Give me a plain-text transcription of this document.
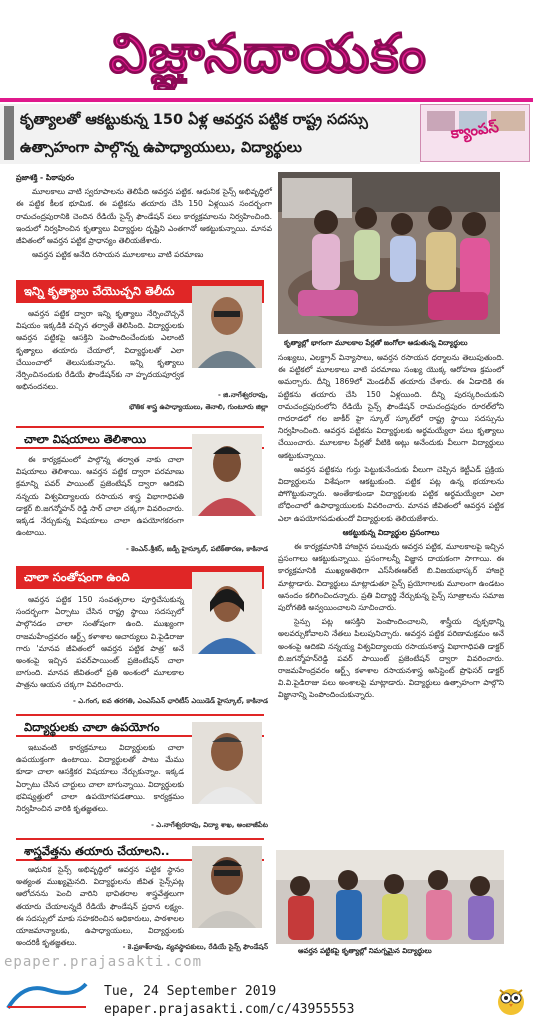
విజ్ఞానదాయకం
కృత్యాలతో ఆకట్టుకున్న 150 ఏళ్ల ఆవర్తన పట్టిక రాష్ట్ర సదస్సు
ఉత్సాహంగా పాల్గొన్న ఉపాధ్యాయులు, విద్యార్థులు
క్యాంపస్

ప్రజాశక్తి - పిఠాపురం

మూలకాలు వాటి స్వరూపాలను తెలిపేది ఆవర్తన పట్టిక. ఆధునిక సైన్స్ అభివృద్ధిలో ఈ పట్టిక కీలక భూమిక. ఈ పట్టికను తయారు చేసి 150 ఏళ్లయిన సందర్భంగా రామచంద్రపురానికి చెందిన రేడియే సైన్స్ ఫౌండేషన్ పలు కార్యక్రమాలను నిర్వహించింది. ఇందులో నిర్వహించిన కృత్యాలు విద్యార్థుల దృష్టిని ఎంతగానో ఆకట్టుకున్నాయి. మానవ జీవితంలో ఆవర్తన పట్టిక ప్రాధాన్యం తెలియజేశారు.

ఆవర్తన పట్టిక అనేది రసాయన మూలకాలు వాటి పరమాణు

కృత్యాల్లో భాగంగా మూలకాల పేర్లతో జంగోలా ఆడుతున్న విద్యార్థులు

సంఖ్యలు, ఎలక్ట్రాన్ విన్యాసాలు, ఆవర్తన రసాయన ధర్మాలను తెలుపుతుంది. ఈ పట్టికలో మూలకాలు వాటి పరమాణు సంఖ్య యొక్క ఆరోహణ క్రమంలో అమర్చారు. దీన్ని 1869లో మెండలీవ్ తయారు చేశారు. ఈ ఏడాదికి ఈ పట్టికను తయారు చేసి 150 ఏళ్లయింది. దీన్ని పురస్కరించుకుని రామచంద్రపురంలోని రేడియే సైన్స్ ఫౌండేషన్ రామచంద్రపురం రూరల్‌లోని గాదరాడలో గల జాకీర్ హై స్కూల్ స్కూల్‌లో రాష్ట్ర స్థాయి సదస్సును నిర్వహించింది. ఆవర్తన పట్టికను విద్యార్థులకు అర్థమయ్యేలా పలు కృత్యాలు చేయించారు. మూలకాల పేర్లతో వీటికి అట్లు అనేందుకు వీలుగా విద్యార్థులు ఆకట్టుకున్నాయి.

ఆవర్తన పట్టికను గుర్తు పెట్టుకునేందుకు వీలుగా చెప్పిన కెట్టీఎడ్ ప్రక్రియ విద్యార్థులను విశేషంగా ఆకట్టుకుంది. పట్టిక పట్ల ఉన్న భయాలను పోగొట్టుకున్నారు. అంతేకాకుండా విద్యార్థులకు పట్టిక అర్థమయ్యేలా ఎలా బోధించాలో ఉపాధ్యాయులకు వివరించారు. మానవ జీవితంలో ఆవర్తన పట్టిక ఎలా ఉపయోగపడుతుందో విద్యార్థులకు తెలియజేశారు.

ఆకట్టుకున్న విద్యార్థుల ప్రసంగాలు

ఈ కార్యక్రమానికి హాజరైన పలువురు ఆవర్తన పట్టిక, మూలకాలపై ఇచ్చిన ప్రసంగాలు ఆకట్టుకున్నాయి. ప్రసంగాలన్నీ విజ్ఞాన దాయకంగా సాగాయి. ఈ కార్యక్రమానికి ముఖ్యఅతిథిగా ఎస్‌సీఈఆర్‌టీ బి.విజయభాస్కర్ హాజరై మాట్లాడారు. విద్యార్థులు మాట్లాడుతూ సైన్స్ ప్రయోగాలకు మూలంగా ఉండటం ఆనందం కలిగించిందన్నారు. ప్రతి విద్యార్థి నేర్చుకున్న సైన్స్ సూత్రాలను సమాజ పురోగతికి అన్వయించాలని సూచించారు.

సైన్సు పట్ల ఆసక్తిని పెంపొందించాలని, శాస్త్రీయ దృక్పథాన్ని అలవర్చుకోవాలని నేతలు పిలుపునిచ్చారు. ఆవర్తన పట్టిక పరిణామక్రమం అనే అంశంపై ఆదికవి నన్నయ్య విశ్వవిద్యాలయ రసాయనశాస్త్ర విభాగాధిపతి డాక్టర్ బి.జగన్మోహన్‌రెడ్డి పవర్ పాయింట్ ప్రజెంటేషన్ ద్వారా వివరించారు. రాజమహేంద్రవరం ఆర్ట్స్ కళాశాల రసాయనశాస్త్ర అసిస్టెంట్ ప్రొఫెసర్ డాక్టర్ వి.వి.పైడిరాజు పలు అంశాలపై మాట్లాడారు. విద్యార్థులు ఉత్సాహంగా పాల్గొని విజ్ఞానాన్ని పెంపొందించుకున్నారు.

ఆవర్తన పట్టికపై కృత్యాల్లో నిమగ్నమైన విద్యార్థులు
ఇన్ని కృత్యాలు చేయొచ్చని తెలీదు

ఆవర్తన పట్టిక ద్వారా ఇన్ని కృత్యాలు నేర్పించొచ్చనే విషయం ఇక్కడికి వచ్చిన తర్వాతే తెలిసింది. విద్యార్థులకు ఆవర్తన పట్టికపై ఆసక్తిని పెంపొందించేందుకు ఎలాంటి కృత్యాలు తయారు చేయాలో, విద్యార్థులతో ఎలా చేయించాలో తెలుసుకున్నాను. ఇన్ని కృత్యాలు నేర్పించినందుకు రేడియే ఫౌండేషన్‌కు నా హృదయపూర్వక అభినందనలు.

- జి.నాగేశ్వరరావు,
భౌతిక శాస్త్ర ఉపాధ్యాయులు, తెనాలి, గుంటూరు జిల్లా
చాలా విషయాలు తెలిశాయి

ఈ కార్యక్రమంలో పాల్గొన్న తర్వాత నాకు చాలా విషయాలు తెలిశాయి. ఆవర్తన పట్టిక ద్వారా పరమాణు క్రమాన్ని పవర్ పాయింట్ ప్రజెంటేషన్ ద్వారా ఆదికవి నన్నయ విశ్వవిద్యాలయ రసాయన శాస్త్ర విభాగాధిపతి డాక్టర్ బి.జగన్మోహన్ రెడ్డి సార్ చాలా చక్కగా వివరించారు. ఇక్కడ నేర్చుకున్న విషయాలు చాలా ఉపయోగకరంగా ఉంటాయి.

- కెంఎన్.శ్రీశర్, జడ్పీ హైస్కూల్, పటిక్‌తారణ, కాకినాడ
చాలా సంతోషంగా ఉంది

ఆవర్తన పట్టిక 150 సంవత్సరాల పూర్తిచేసుకున్న సందర్భంగా ఏర్పాటు చేసిన రాష్ట్ర స్థాయి సదస్సులో పాల్గొనడం చాలా సంతోషంగా ఉంది. ముఖ్యంగా రాజమహేంద్రవరం ఆర్ట్స్ కళాశాల ఆచార్యులు వి.పైడిరాజు గారు 'మానవ జీవితంలో ఆవర్తన పట్టిక పాత్ర' అనే అంశంపై ఇచ్చిన పవర్‌పాయింట్ ప్రజెంటేషన్ చాలా బాగుంది. మానవ జీవితంలో ప్రతి అంశంలో మూలకాల పాత్రను ఆయన చక్కగా వివరించారు.

- ఎ.గంగ, ఐవ తరగతి, ఎంఎస్‌ఎన్ ఛారిటీస్ ఎయిడెడ్ హైస్కూల్, కాకినాడ
విద్యార్థులకు చాలా ఉపయోగం

ఇటువంటి కార్యక్రమాలు విద్యార్థులకు చాలా ఉపయుక్తంగా ఉంటాయి. విద్యార్థులతో పాటు మేము కూడా చాలా ఆసక్తికర విషయాలు నేర్చుకున్నాం. ఇక్కడ ఏర్పాటు చేసిన చార్టులు చాలా బాగున్నాయి. విద్యార్థులకు భవిష్యత్తులో చాలా ఉపయోగపడతాయి. కార్యక్రమం నిర్వహించిన వారికి కృతజ్ఞతలు.

- ఎ.నాగేశ్వరరావు, విద్యా శాఖ, అంబాజీపేట
శాస్త్రవేత్తను తయారు చేయాలని..

ఆధునిక సైన్స్ అభివృద్ధిలో ఆవర్తన పట్టిక స్థానం అత్యంత ముఖ్యమైనది. విద్యార్థులను జీవిత సైన్స్‌పట్ల ఆలోచనను పెంచి వారిని భావితరాల శాస్త్రవేత్తలుగా తయారు చేయాలన్నదే రేడియే ఫౌండేషన్ ప్రధాన లక్ష్యం. ఈ సదస్సులో మాకు సహకరించిన అధికారులు, పాఠశాలల యాజమాన్యాలకు, ఉపాధ్యాయులు, విద్యార్థులకు అందరికీ కృతజ్ఞతలు.	- కె.ప్రకాశ్‌రావు, వ్యవస్థాపకులు, రేడియే సైన్స్ ఫౌండేషన్
epaper.prajasakti.com
Tue, 24 September 2019
epaper.prajasakti.com/c/43955553
